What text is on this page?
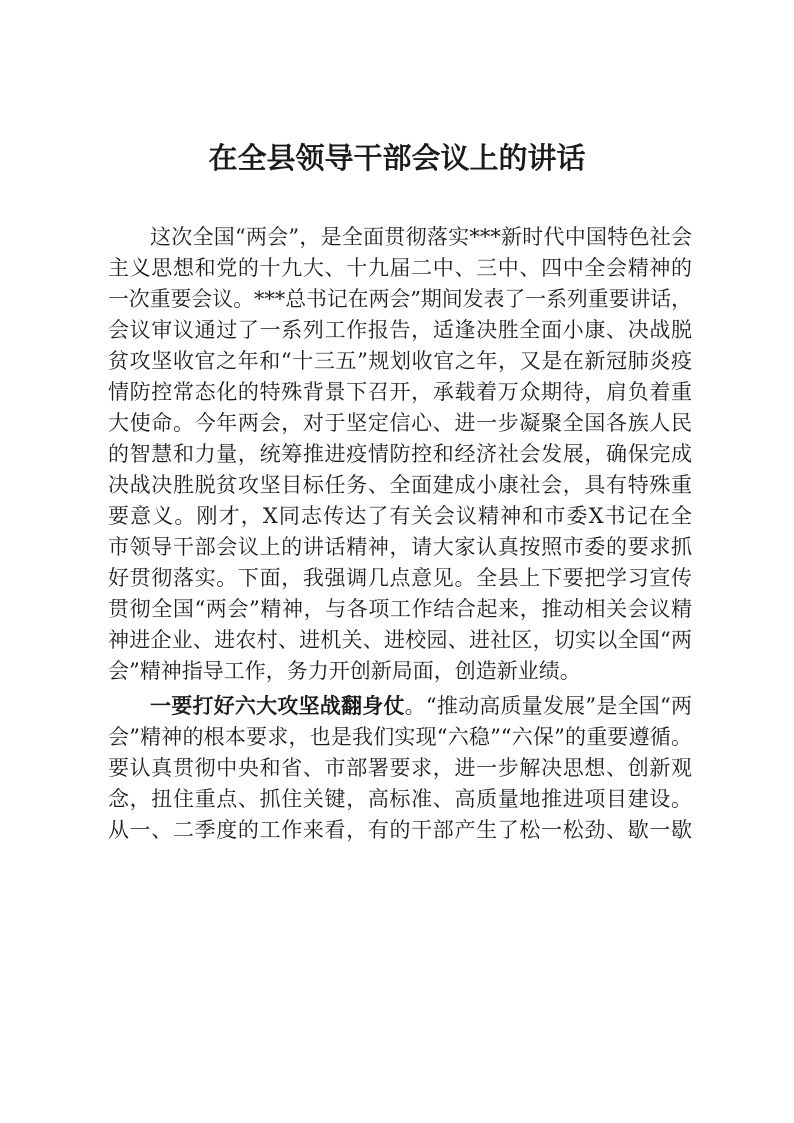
在全县领导干部会议上的讲话
这次全国“两会”，是全面贯彻落实***新时代中国特色社会
主义思想和党的十九大、十九届二中、三中、四中全会精神的
一次重要会议。***总书记在两会”期间发表了一系列重要讲话，
会议审议通过了一系列工作报告，适逢决胜全面小康、决战脱
贫攻坚收官之年和“十三五”规划收官之年，又是在新冠肺炎疫
情防控常态化的特殊背景下召开，承载着万众期待，肩负着重
大使命。今年两会，对于坚定信心、进一步凝聚全国各族人民
的智慧和力量，统筹推进疫情防控和经济社会发展，确保完成
决战决胜脱贫攻坚目标任务、全面建成小康社会，具有特殊重
要意义。刚才，X同志传达了有关会议精神和市委X书记在全
市领导干部会议上的讲话精神，请大家认真按照市委的要求抓
好贯彻落实。下面，我强调几点意见。全县上下要把学习宣传
贯彻全国“两会”精神，与各项工作结合起来，推动相关会议精
神进企业、进农村、进机关、进校园、进社区，切实以全国“两
会”精神指导工作，务力开创新局面，创造新业绩。
一要打好六大攻坚战翻身仗。“推动高质量发展”是全国“两
会”精神的根本要求，也是我们实现“六稳”“六保”的重要遵循。
要认真贯彻中央和省、市部署要求，进一步解决思想、创新观
念，扭住重点、抓住关键，高标准、高质量地推进项目建设。
从一、二季度的工作来看，有的干部产生了松一松劲、歇一歇
